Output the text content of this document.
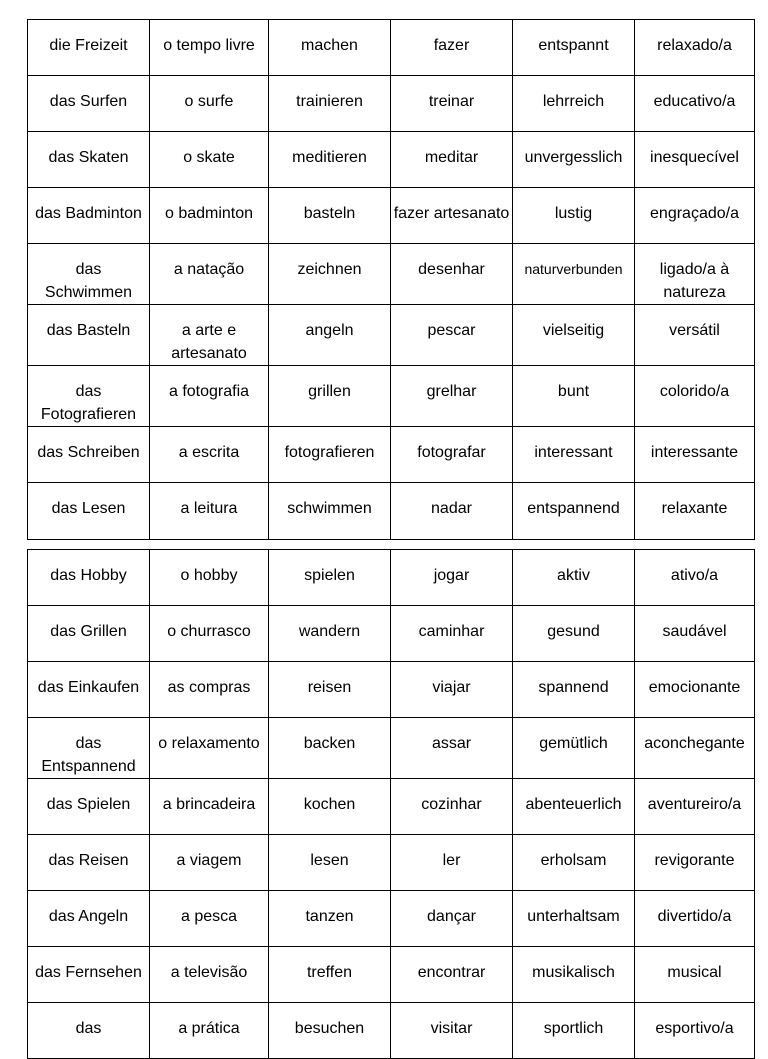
die Freizeit	o tempo livre	machen	fazer	entspannt	relaxado/a
das Surfen	o surfe	trainieren	treinar	lehrreich	educativo/a
das Skaten	o skate	meditieren	meditar	unvergesslich	inesquecível
das Badminton	o badminton	basteln	fazer artesanato	lustig	engraçado/a
das Schwimmen	a natação	zeichnen	desenhar	naturverbunden	ligado/a à natureza
das Basteln	a arte e artesanato	angeln	pescar	vielseitig	versátil
das Fotografieren	a fotografia	grillen	grelhar	bunt	colorido/a
das Schreiben	a escrita	fotografieren	fotografar	interessant	interessante
das Lesen	a leitura	schwimmen	nadar	entspannend	relaxante
das Hobby	o hobby	spielen	jogar	aktiv	ativo/a
das Grillen	o churrasco	wandern	caminhar	gesund	saudável
das Einkaufen	as compras	reisen	viajar	spannend	emocionante
das Entspannend	o relaxamento	backen	assar	gemütlich	aconchegante
das Spielen	a brincadeira	kochen	cozinhar	abenteuerlich	aventureiro/a
das Reisen	a viagem	lesen	ler	erholsam	revigorante
das Angeln	a pesca	tanzen	dançar	unterhaltsam	divertido/a
das Fernsehen	a televisão	treffen	encontrar	musikalisch	musical
das	a prática	besuchen	visitar	sportlich	esportivo/a
